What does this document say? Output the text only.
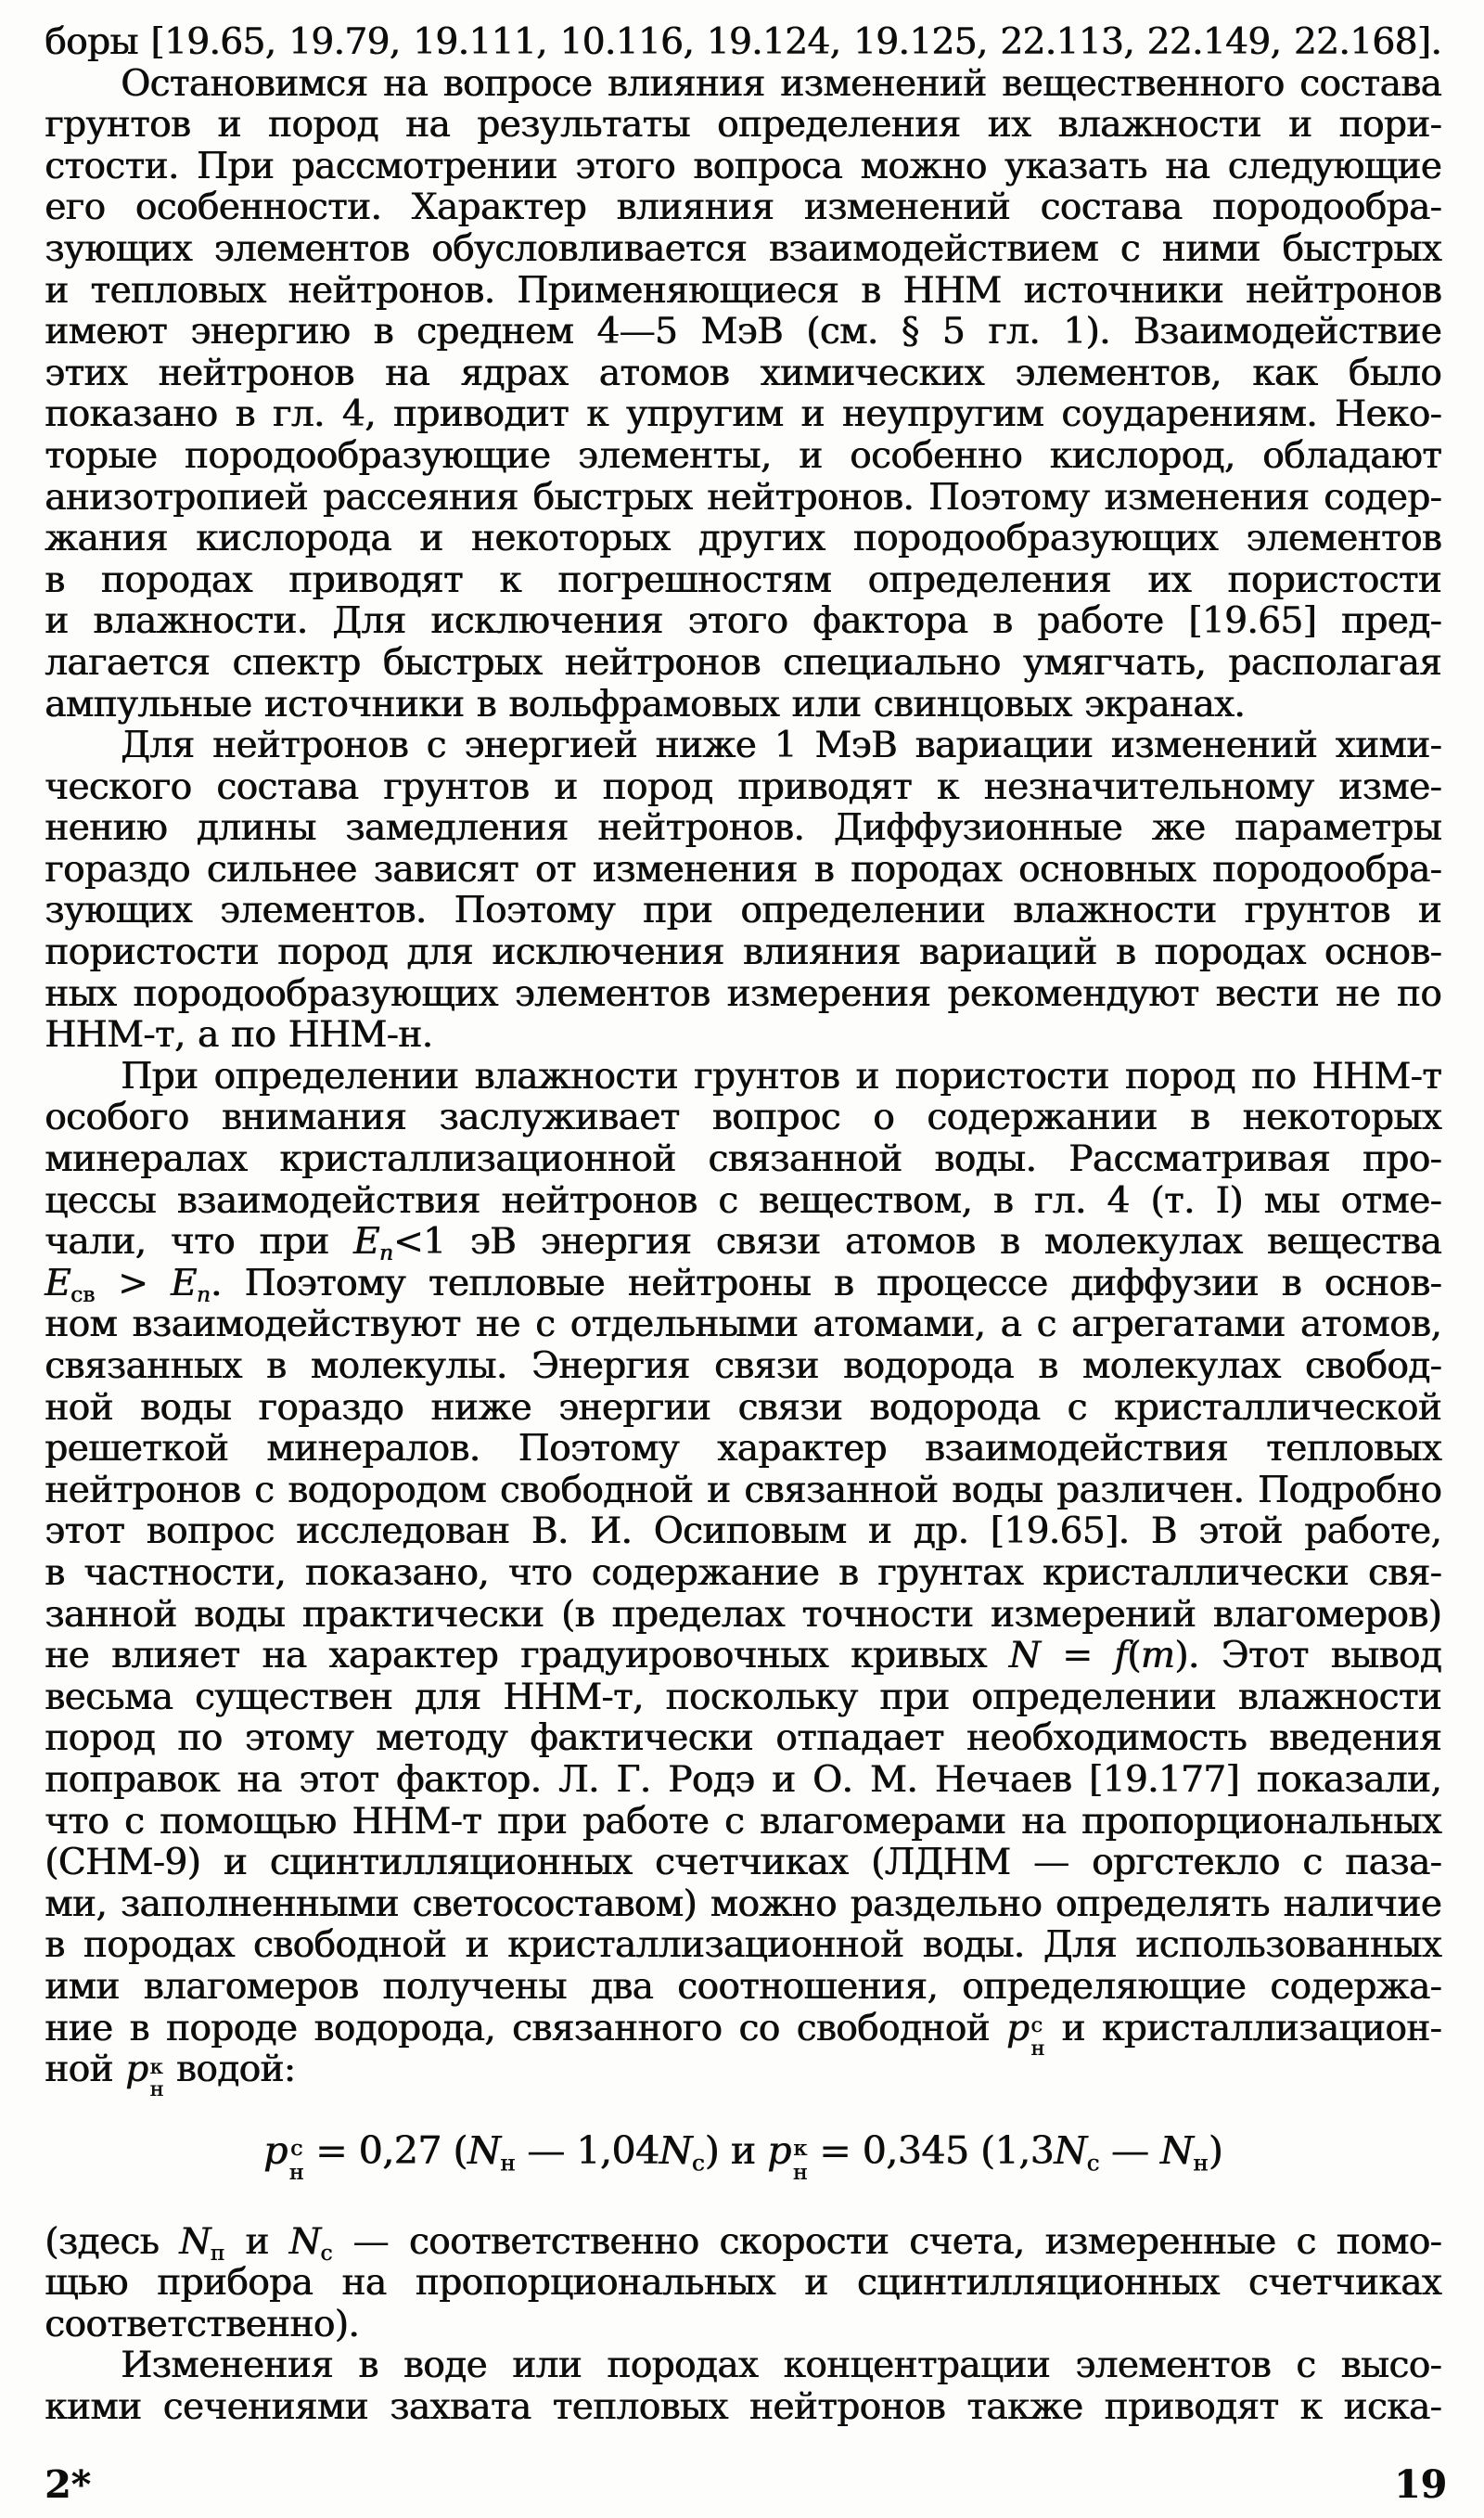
боры [19.65, 19.79, 19.111, 10.116, 19.124, 19.125, 22.113, 22.149, 22.168].
Остановимся на вопросе влияния изменений вещественного состава
грунтов и пород на результаты определения их влажности и пори-
стости. При рассмотрении этого вопроса можно указать на следующие
его особенности. Характер влияния изменений состава породообра-
зующих элементов обусловливается взаимодействием с ними быстрых
и тепловых нейтронов. Применяющиеся в ННМ источники нейтронов
имеют энергию в среднем 4—5 МэВ (см. § 5 гл. 1). Взаимодействие
этих нейтронов на ядрах атомов химических элементов, как было
показано в гл. 4, приводит к упругим и неупругим соударениям. Неко-
торые породообразующие элементы, и особенно кислород, обладают
анизотропией рассеяния быстрых нейтронов. Поэтому изменения содер-
жания кислорода и некоторых других породообразующих элементов
в породах приводят к погрешностям определения их пористости
и влажности. Для исключения этого фактора в работе [19.65] пред-
лагается спектр быстрых нейтронов специально умягчать, располагая
ампульные источники в вольфрамовых или свинцовых экранах.
Для нейтронов с энергией ниже 1 МэВ вариации изменений хими-
ческого состава грунтов и пород приводят к незначительному изме-
нению длины замедления нейтронов. Диффузионные же параметры
гораздо сильнее зависят от изменения в породах основных породообра-
зующих элементов. Поэтому при определении влажности грунтов и
пористости пород для исключения влияния вариаций в породах основ-
ных породообразующих элементов измерения рекомендуют вести не по
ННМ-т, а по ННМ-н.
При определении влажности грунтов и пористости пород по ННМ-т
особого внимания заслуживает вопрос о содержании в некоторых
минералах кристаллизационной связанной воды. Рассматривая про-
цессы взаимодействия нейтронов с веществом, в гл. 4 (т. I) мы отме-
чали, что при $Е_n<1$ эВ энергия связи атомов в молекулах вещества
$Е_{св} > Е_n$. Поэтому тепловые нейтроны в процессе диффузии в основ-
ном взаимодействуют не с отдельными атомами, а с агрегатами атомов,
связанных в молекулы. Энергия связи водорода в молекулах свобод-
ной воды гораздо ниже энергии связи водорода с кристаллической
решеткой минералов. Поэтому характер взаимодействия тепловых
нейтронов с водородом свободной и связанной воды различен. Подробно
этот вопрос исследован В. И. Осиповым и др. [19.65]. В этой работе,
в частности, показано, что содержание в грунтах кристаллически свя-
занной воды практически (в пределах точности измерений влагомеров)
не влияет на характер градуировочных кривых N = f(m). Этот вывод
весьма существен для ННМ-т, поскольку при определении влажности
пород по этому методу фактически отпадает необходимость введения
поправок на этот фактор. Л. Г. Родэ и О. М. Нечаев [19.177] показали,
что с помощью ННМ-т при работе с влагомерами на пропорциональных
(СНМ-9) и сцинтилляционных счетчиках (ЛДНМ — оргстекло с паза-
ми, заполненными светосоставом) можно раздельно определять наличие
в породах свободной и кристаллизационной воды. Для использованных
ими влагомеров получены два соотношения, определяющие содержа-
ние в породе водорода, связанного со свободной p с
н и кристаллизацион-
ной p к
н водой:
p с
н = 0,27 ($N_н$ — $1,04N_с$) и p к
н = 0,345 ($1,3N_с$ — $N_н$)
(здесь $N_п$ и $N_с$ — соответственно скорости счета, измеренные с помо-
щью прибора на пропорциональных и сцинтилляционных счетчиках
соответственно).
Изменения в воде или породах концентрации элементов с высо-
кими сечениями захвата тепловых нейтронов также приводят к иска-
2*	19
